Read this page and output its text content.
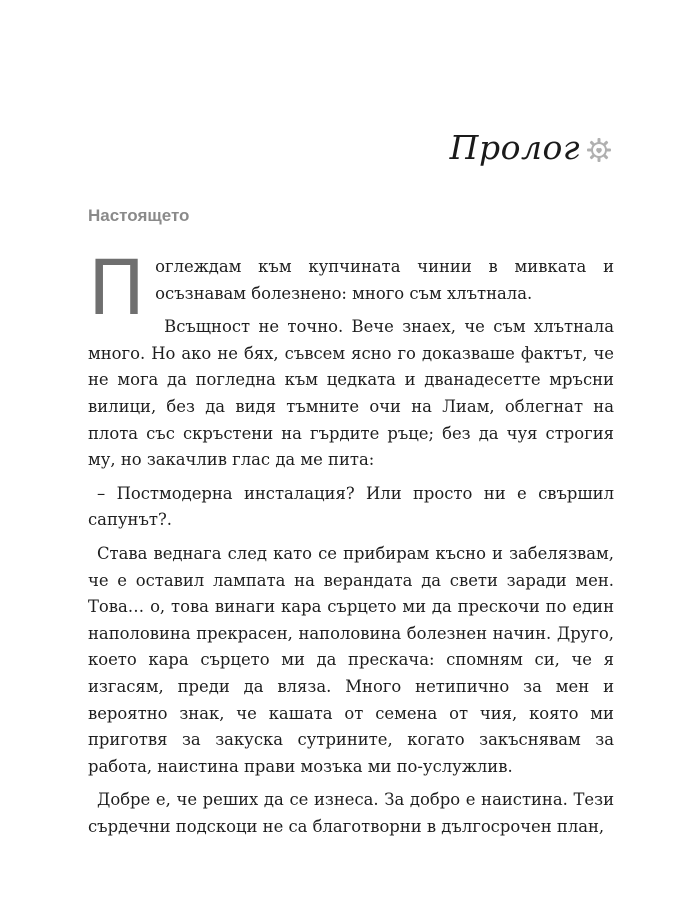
Пролог
Настоящето

Поглеждам към купчината чинии в мивката и осъзнавам болезнено: много съм хлътнала.

Всъщност не точно. Вече знаех, че съм хлътнала много. Но ако не бях, съвсем ясно го доказваше фактът, че не мога да погледна към цедката и дванадесетте мръсни вилици, без да видя тъмните очи на Лиам, облегнат на плота със скръстени на гърдите ръце; без да чуя строгия му, но закачлив глас да ме пита:

– Постмодерна инсталация? Или просто ни е свършил сапунът?.

Става веднага след като се прибирам късно и забелязвам, че е оставил лампата на верандата да свети заради мен. Това… о, това винаги кара сърцето ми да прескочи по един наполовина прекрасен, наполовина болезнен начин. Друго, което кара сърцето ми да прескача: спомням си, че я изгасям, преди да вляза. Много нетипично за мен и вероятно знак, че кашата от семена от чия, която ми приготвя за закуска сутрините, когато закъснявам за работа, наистина прави мозъка ми по-услужлив.

Добре е, че реших да се изнеса. За добро е наистина. Тези сърдечни подскоци не са благотворни в дългосрочен план,
